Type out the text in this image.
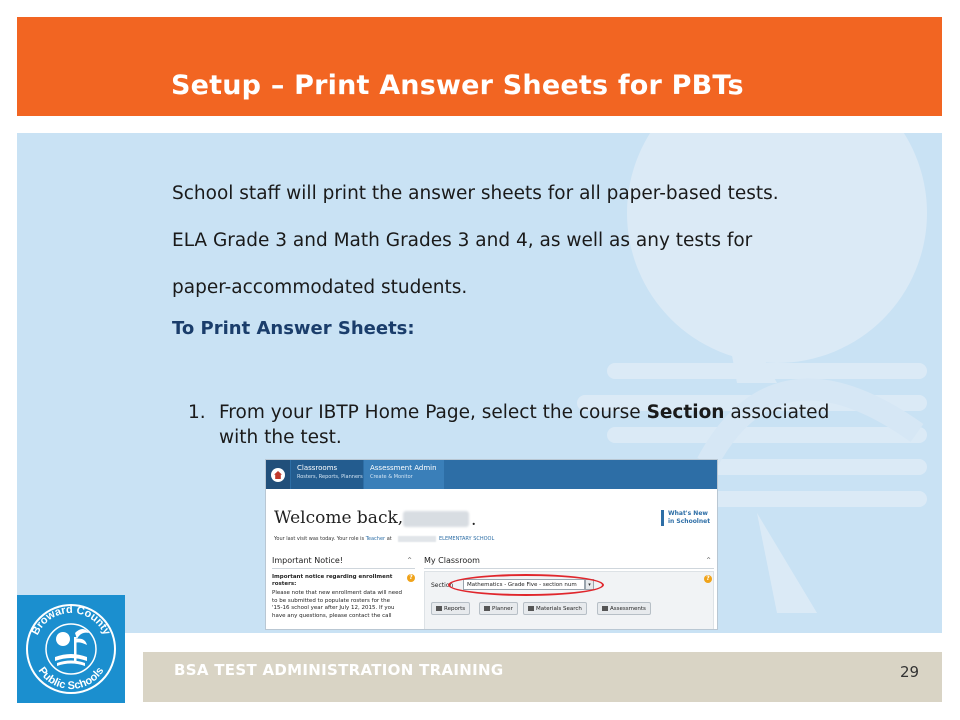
Setup – Print Answer Sheets for PBTs
School staff will print the answer sheets for all paper-based tests.
ELA Grade 3 and Math Grades 3 and 4, as well as any tests for
paper-accommodated students.
To Print Answer Sheets:
1. From your IBTP Home Page, select the course Section associated with the test.
Classrooms
Rosters, Reports, Planners
Assessment Admin
Create & Monitor
Welcome back,	.
Your last visit was today. Your role is Teacher at	ELEMENTARY SCHOOL
What's New
in Schoolnet
Important Notice!	⌃
Important notice regarding enrollment rosters:
?
Please note that new enrollment data will need
to be submitted to populate rosters for the
'15-16 school year after July 12, 2015. If you
have any questions, please contact the call
My Classroom	⌃
?
Section	Mathematics - Grade Five - section num	▾
Reports	Planner	Materials Search	Assessments
BSA TEST ADMINISTRATION TRAINING	29
Broward County
Public Schools
